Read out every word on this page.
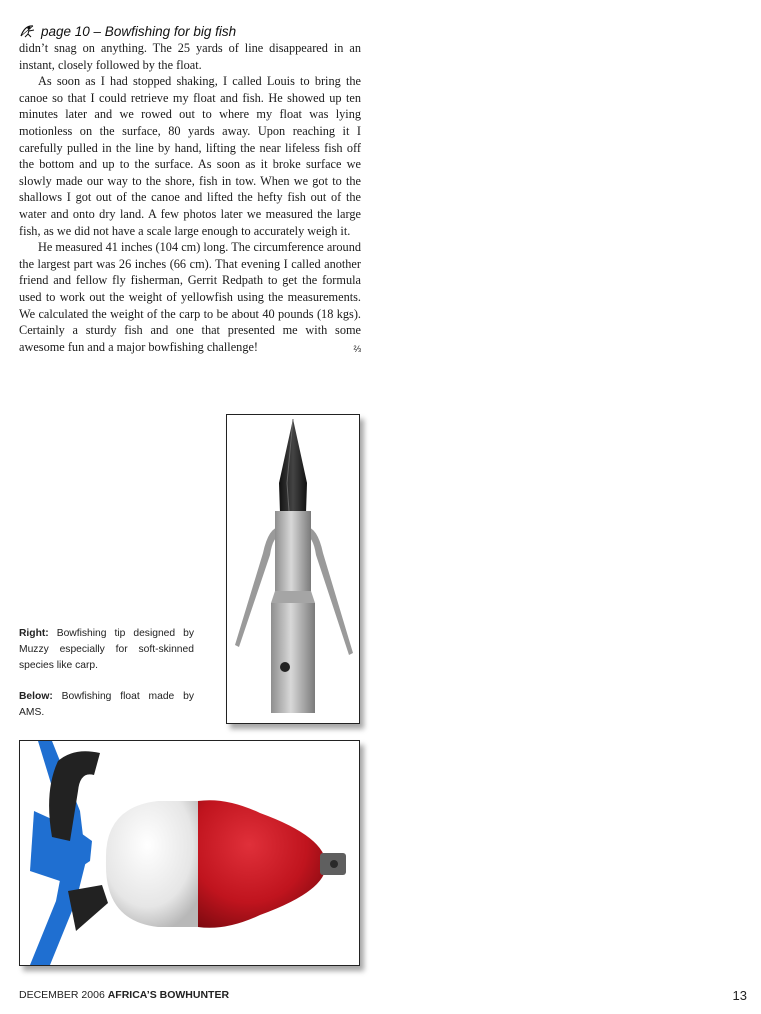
page 10 – Bowfishing for big fish

didn’t snag on anything. The 25 yards of line disappeared in an instant, closely followed by the float.

As soon as I had stopped shaking, I called Louis to bring the canoe so that I could retrieve my float and fish. He showed up ten minutes later and we rowed out to where my float was lying motionless on the surface, 80 yards away. Upon reaching it I carefully pulled in the line by hand, lifting the near lifeless fish off the bottom and up to the surface. As soon as it broke surface we slowly made our way to the shore, fish in tow. When we got to the shallows I got out of the canoe and lifted the hefty fish out of the water and onto dry land. A few photos later we measured the large fish, as we did not have a scale large enough to accurately weigh it.

He measured 41 inches (104 cm) long. The circumference around the largest part was 26 inches (66 cm). That evening I called another friend and fellow fly fisherman, Gerrit Redpath to get the formula used to work out the weight of yellowfish using the measurements. We calculated the weight of the carp to be about 40 pounds (18 kgs). Certainly a sturdy fish and one that presented me with some awesome fun and a major bowfishing challenge!	⅔

Right: Bowfishing tip designed by Muzzy especially for soft-skinned species like carp.

Below: Bowfishing float made by AMS.

DECEMBER 2006 AFRICA’S BOWHUNTER	13
